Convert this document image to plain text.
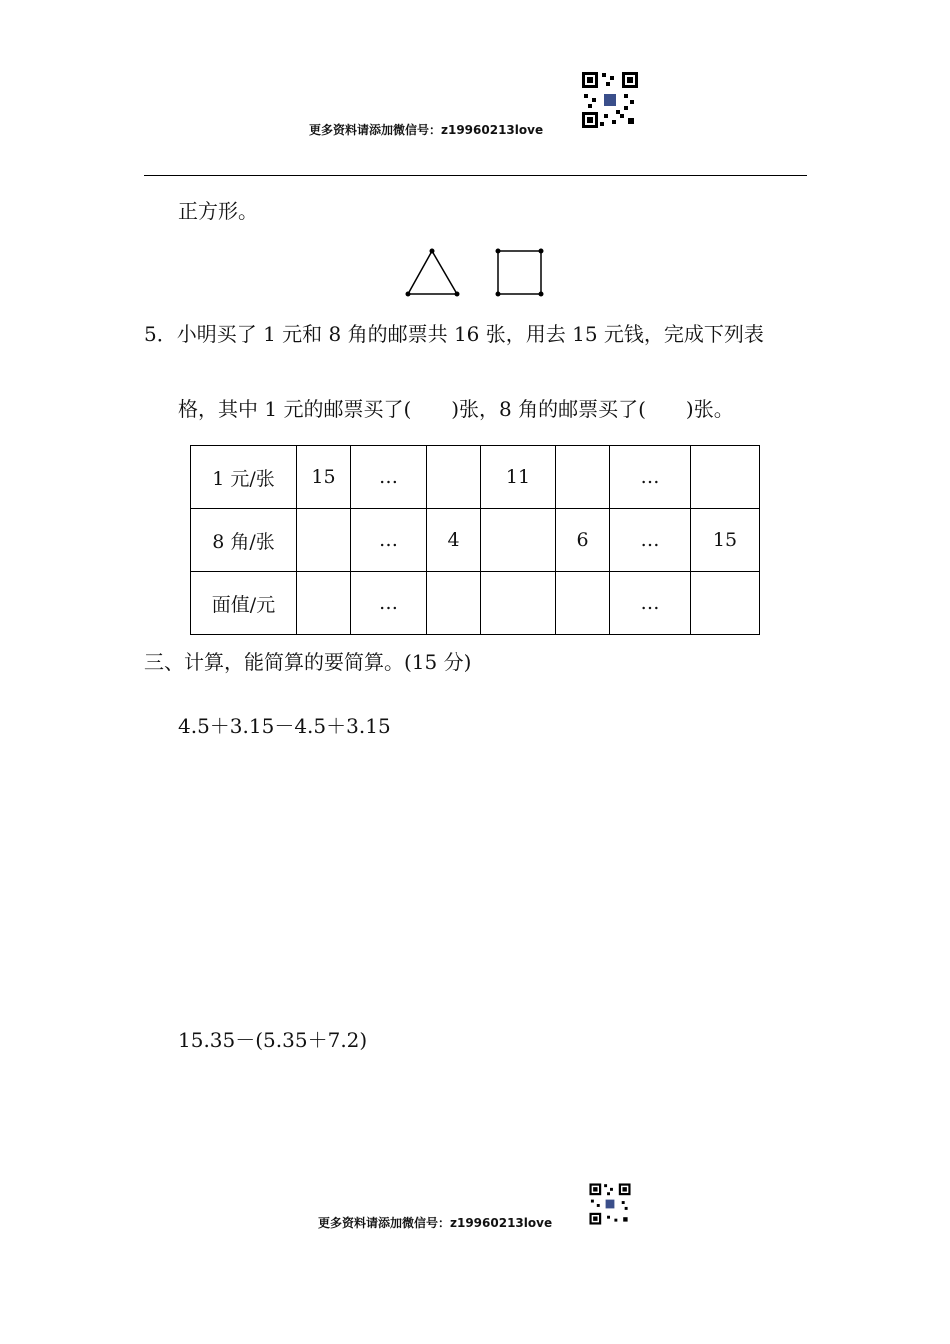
更多资料请添加微信号：z19960213love
正方形。
5．小明买了 1 元和 8 角的邮票共 16 张，用去 15 元钱，完成下列表
格，其中 1 元的邮票买了(　　)张，8 角的邮票买了(　　)张。
1 元/张	15	…		11		…	
8 角/张		…	4		6	…	15
面值/元		…				…	
三、计算，能简算的要简算。(15 分)
4.5＋3.15－4.5＋3.15
15.35－(5.35＋7.2)
更多资料请添加微信号：z19960213love
